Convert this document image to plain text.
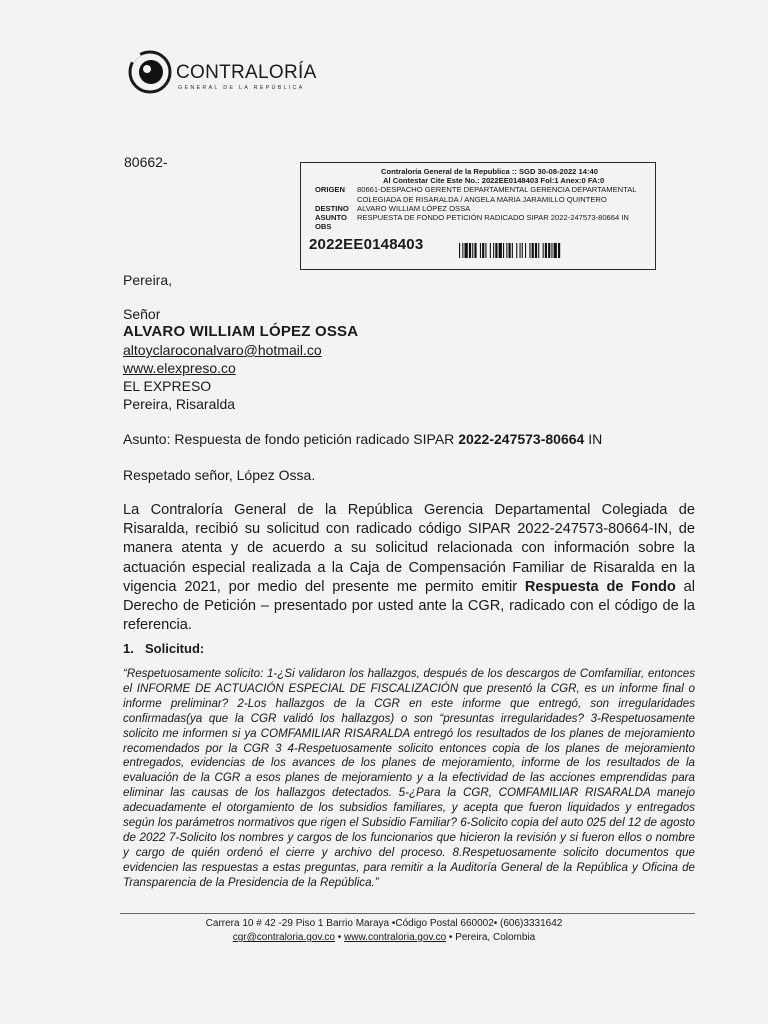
CONTRALORÍA
GENERAL DE LA REPÚBLICA
80662-
Contraloría General de la Republica :: SGD 30-08-2022 14:40
Al Contestar Cite Este No.: 2022EE0148403 Fol:1 Anex:0 FA:0
ORIGEN	80661-DESPACHO GERENTE DEPARTAMENTAL GERENCIA DEPARTAMENTAL COLEGIADA DE RISARALDA / ANGELA MARIA JARAMILLO QUINTERO
DESTINO	ALVARO WILLIAM LÓPEZ OSSA
ASUNTO	RESPUESTA DE FONDO PETICIÓN RADICADO SIPAR 2022-247573-80664 IN
OBS
2022EE0148403
Pereira,
Señor
ALVARO WILLIAM LÓPEZ OSSA
altoyclaroconalvaro@hotmail.co
www.elexpreso.co
EL EXPRESO
Pereira, Risaralda
Asunto: Respuesta de fondo petición radicado SIPAR 2022-247573-80664 IN
Respetado señor, López Ossa.
La Contraloría General de la República Gerencia Departamental Colegiada de Risaralda, recibió su solicitud con radicado código SIPAR 2022-247573-80664-IN, de manera atenta y de acuerdo a su solicitud relacionada con información sobre la actuación especial realizada a la Caja de Compensación Familiar de Risaralda en la vigencia 2021, por medio del presente me permito emitir Respuesta de Fondo al Derecho de Petición – presentado por usted ante la CGR, radicado con el código de la referencia.
1. Solicitud:
“Respetuosamente solicito: 1-¿Si validaron los hallazgos, después de los descargos de Comfamiliar, entonces el INFORME DE ACTUACIÓN ESPECIAL DE FISCALIZACIÓN que presentó la CGR, es un informe final o informe preliminar? 2-Los hallazgos de la CGR en este informe que entregó, son irregularidades confirmadas(ya que la CGR validó los hallazgos) o son “presuntas irregularidades? 3-Respetuosamente solicito me informen si ya COMFAMILIAR RISARALDA entregó los resultados de los planes de mejoramiento recomendados por la CGR 3 4-Respetuosamente solicito entonces copia de los planes de mejoramiento entregados, evidencias de los avances de los planes de mejoramiento, informe de los resultados de la evaluación de la CGR a esos planes de mejoramiento y a la efectividad de las acciones emprendidas para eliminar las causas de los hallazgos detectados. 5-¿Para la CGR, COMFAMILIAR RISARALDA manejo adecuadamente el otorgamiento de los subsidios familiares, y acepta que fueron liquidados y entregados según los parámetros normativos que rigen el Subsidio Familiar? 6-Solicito copia del auto 025 del 12 de agosto de 2022 7-Solicito los nombres y cargos de los funcionarios que hicieron la revisión y si fueron ellos o nombre y cargo de quién ordenó el cierre y archivo del proceso. 8.Respetuosamente solicito documentos que evidencien las respuestas a estas preguntas, para remitir a la Auditoría General de la República y Oficina de Transparencia de la Presidencia de la República.”
Carrera 10 # 42 -29 Piso 1 Barrio Maraya •Código Postal 660002• (606)3331642
cgr@contraloria.gov.co • www.contraloria.gov.co • Pereira, Colombia
